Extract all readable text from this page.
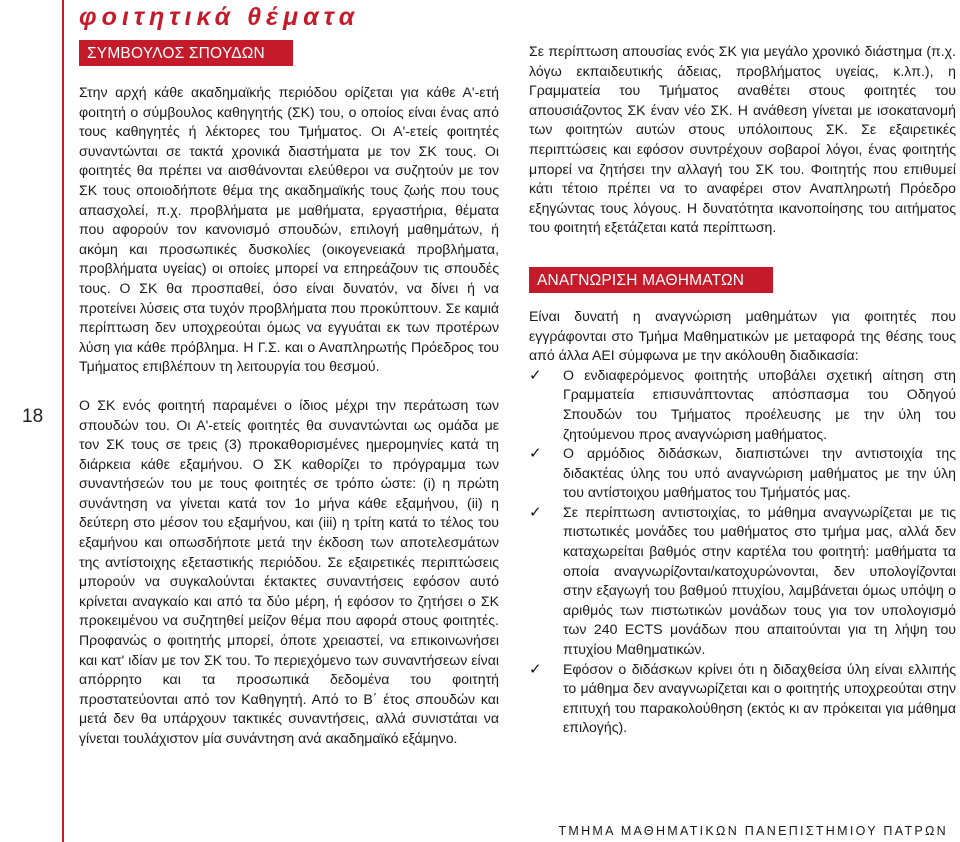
φοιτητικά θέματα
18
ΣΥΜΒΟΥΛΟΣ ΣΠΟΥΔΩΝ

Στην αρχή κάθε ακαδημαϊκής περιόδου ορίζεται για κάθε Α'-ετή φοιτητή ο σύμβουλος καθηγητής (ΣΚ) του, ο οποίος είναι ένας από τους καθηγητές ή λέκτορες του Τμήματος. Οι Α'-ετείς φοιτητές συναντώνται σε τακτά χρονικά διαστήματα με τον ΣΚ τους. Οι φοιτητές θα πρέπει να αισθάνονται ελεύθεροι να συζητούν με τον ΣΚ τους οποιοδήποτε θέμα της ακαδημαϊκής τους ζωής που τους απασχολεί, π.χ. προβλήματα με μαθήματα, εργαστήρια, θέματα που αφορούν τον κανονισμό σπουδών, επιλογή μαθημάτων, ή ακόμη και προσωπικές δυσκολίες (οικογενειακά προβλήματα, προβλήματα υγείας) οι οποίες μπορεί να επηρεάζουν τις σπουδές τους. Ο ΣΚ θα προσπαθεί, όσο είναι δυνατόν, να δίνει ή να προτείνει λύσεις στα τυχόν προβλήματα που προκύπτουν. Σε καμιά περίπτωση δεν υποχρεούται όμως να εγγυάται εκ των προτέρων λύση για κάθε πρόβλημα. Η Γ.Σ. και ο Αναπληρωτής Πρόεδρος του Τμήματος επιβλέπουν τη λειτουργία του θεσμού.

Ο ΣΚ ενός φοιτητή παραμένει ο ίδιος μέχρι την περάτωση των σπουδών του. Οι Α'-ετείς φοιτητές θα συναντώνται ως ομάδα με τον ΣΚ τους σε τρεις (3) προκαθορισμένες ημερομηνίες κατά τη διάρκεια κάθε εξαμήνου. Ο ΣΚ καθορίζει το πρόγραμμα των συναντήσεών του με τους φοιτητές σε τρόπο ώστε: (i) η πρώτη συνάντηση να γίνεται κατά τον 1ο μήνα κάθε εξαμήνου, (ii) η δεύτερη στο μέσον του εξαμήνου, και (iii) η τρίτη κατά το τέλος του εξαμήνου και οπωσδήποτε μετά την έκδοση των αποτελεσμάτων της αντίστοιχης εξεταστικής περιόδου. Σε εξαιρετικές περιπτώσεις μπορούν να συγκαλούνται έκτακτες συναντήσεις εφόσον αυτό κρίνεται αναγκαίο και από τα δύο μέρη, ή εφόσον το ζητήσει ο ΣΚ προκειμένου να συζητηθεί μείζον θέμα που αφορά στους φοιτητές. Προφανώς ο φοιτητής μπορεί, όποτε χρειαστεί, να επικοινωνήσει και κατ' ιδίαν με τον ΣΚ του. Το περιεχόμενο των συναντήσεων είναι απόρρητο και τα προσωπικά δεδομένα του φοιτητή προστατεύονται από τον Καθηγητή. Από το Β΄ έτος σπουδών και μετά δεν θα υπάρχουν τακτικές συναντήσεις, αλλά συνιστάται να γίνεται τουλάχιστον μία συνάντηση ανά ακαδημαϊκό εξάμηνο.

Σε περίπτωση απουσίας ενός ΣΚ για μεγάλο χρονικό διάστημα (π.χ. λόγω εκπαιδευτικής άδειας, προβλήματος υγείας, κ.λπ.), η Γραμματεία του Τμήματος αναθέτει στους φοιτητές του απουσιάζοντος ΣΚ έναν νέο ΣΚ. Η ανάθεση γίνεται με ισοκατανομή των φοιτητών αυτών στους υπόλοιπους ΣΚ. Σε εξαιρετικές περιπτώσεις και εφόσον συντρέχουν σοβαροί λόγοι, ένας φοιτητής μπορεί να ζητήσει την αλλαγή του ΣΚ του. Φοιτητής που επιθυμεί κάτι τέτοιο πρέπει να το αναφέρει στον Αναπληρωτή Πρόεδρο εξηγώντας τους λόγους. Η δυνατότητα ικανοποίησης του αιτήματος του φοιτητή εξετάζεται κατά περίπτωση.

ΑΝΑΓΝΩΡΙΣΗ ΜΑΘΗΜΑΤΩΝ

Είναι δυνατή η αναγνώριση μαθημάτων για φοιτητές που εγγράφονται στο Τμήμα Μαθηματικών με μεταφορά της θέσης τους από άλλα ΑΕΙ σύμφωνα με την ακόλουθη διαδικασία:

✓ Ο ενδιαφερόμενος φοιτητής υποβάλει σχετική αίτηση στη Γραμματεία επισυνάπτοντας απόσπασμα του Οδηγού Σπουδών του Τμήματος προέλευσης με την ύλη του ζητούμενου προς αναγνώριση μαθήματος.

✓ Ο αρμόδιος διδάσκων, διαπιστώνει την αντιστοιχία της διδακτέας ύλης του υπό αναγνώριση μαθήματος με την ύλη του αντίστοιχου μαθήματος του Τμήματός μας.

✓ Σε περίπτωση αντιστοιχίας, το μάθημα αναγνωρίζεται με τις πιστωτικές μονάδες του μαθήματος στο τμήμα μας, αλλά δεν καταχωρείται βαθμός στην καρτέλα του φοιτητή: μαθήματα τα οποία αναγνωρίζονται/κατοχυρώνονται, δεν υπολογίζονται στην εξαγωγή του βαθμού πτυχίου, λαμβάνεται όμως υπόψη ο αριθμός των πιστωτικών μονάδων τους για τον υπολογισμό των 240 ECTS μονάδων που απαιτούνται για τη λήψη του πτυχίου Μαθηματικών.

✓ Εφόσον ο διδάσκων κρίνει ότι η διδαχθείσα ύλη είναι ελλιπής το μάθημα δεν αναγνωρίζεται και ο φοιτητής υποχρεούται στην επιτυχή του παρακολούθηση (εκτός κι αν πρόκειται για μάθημα επιλογής).

ΤΜΗΜΑ ΜΑΘΗΜΑΤΙΚΩΝ ΠΑΝΕΠΙΣΤΗΜΙΟΥ ΠΑΤΡΩΝ
